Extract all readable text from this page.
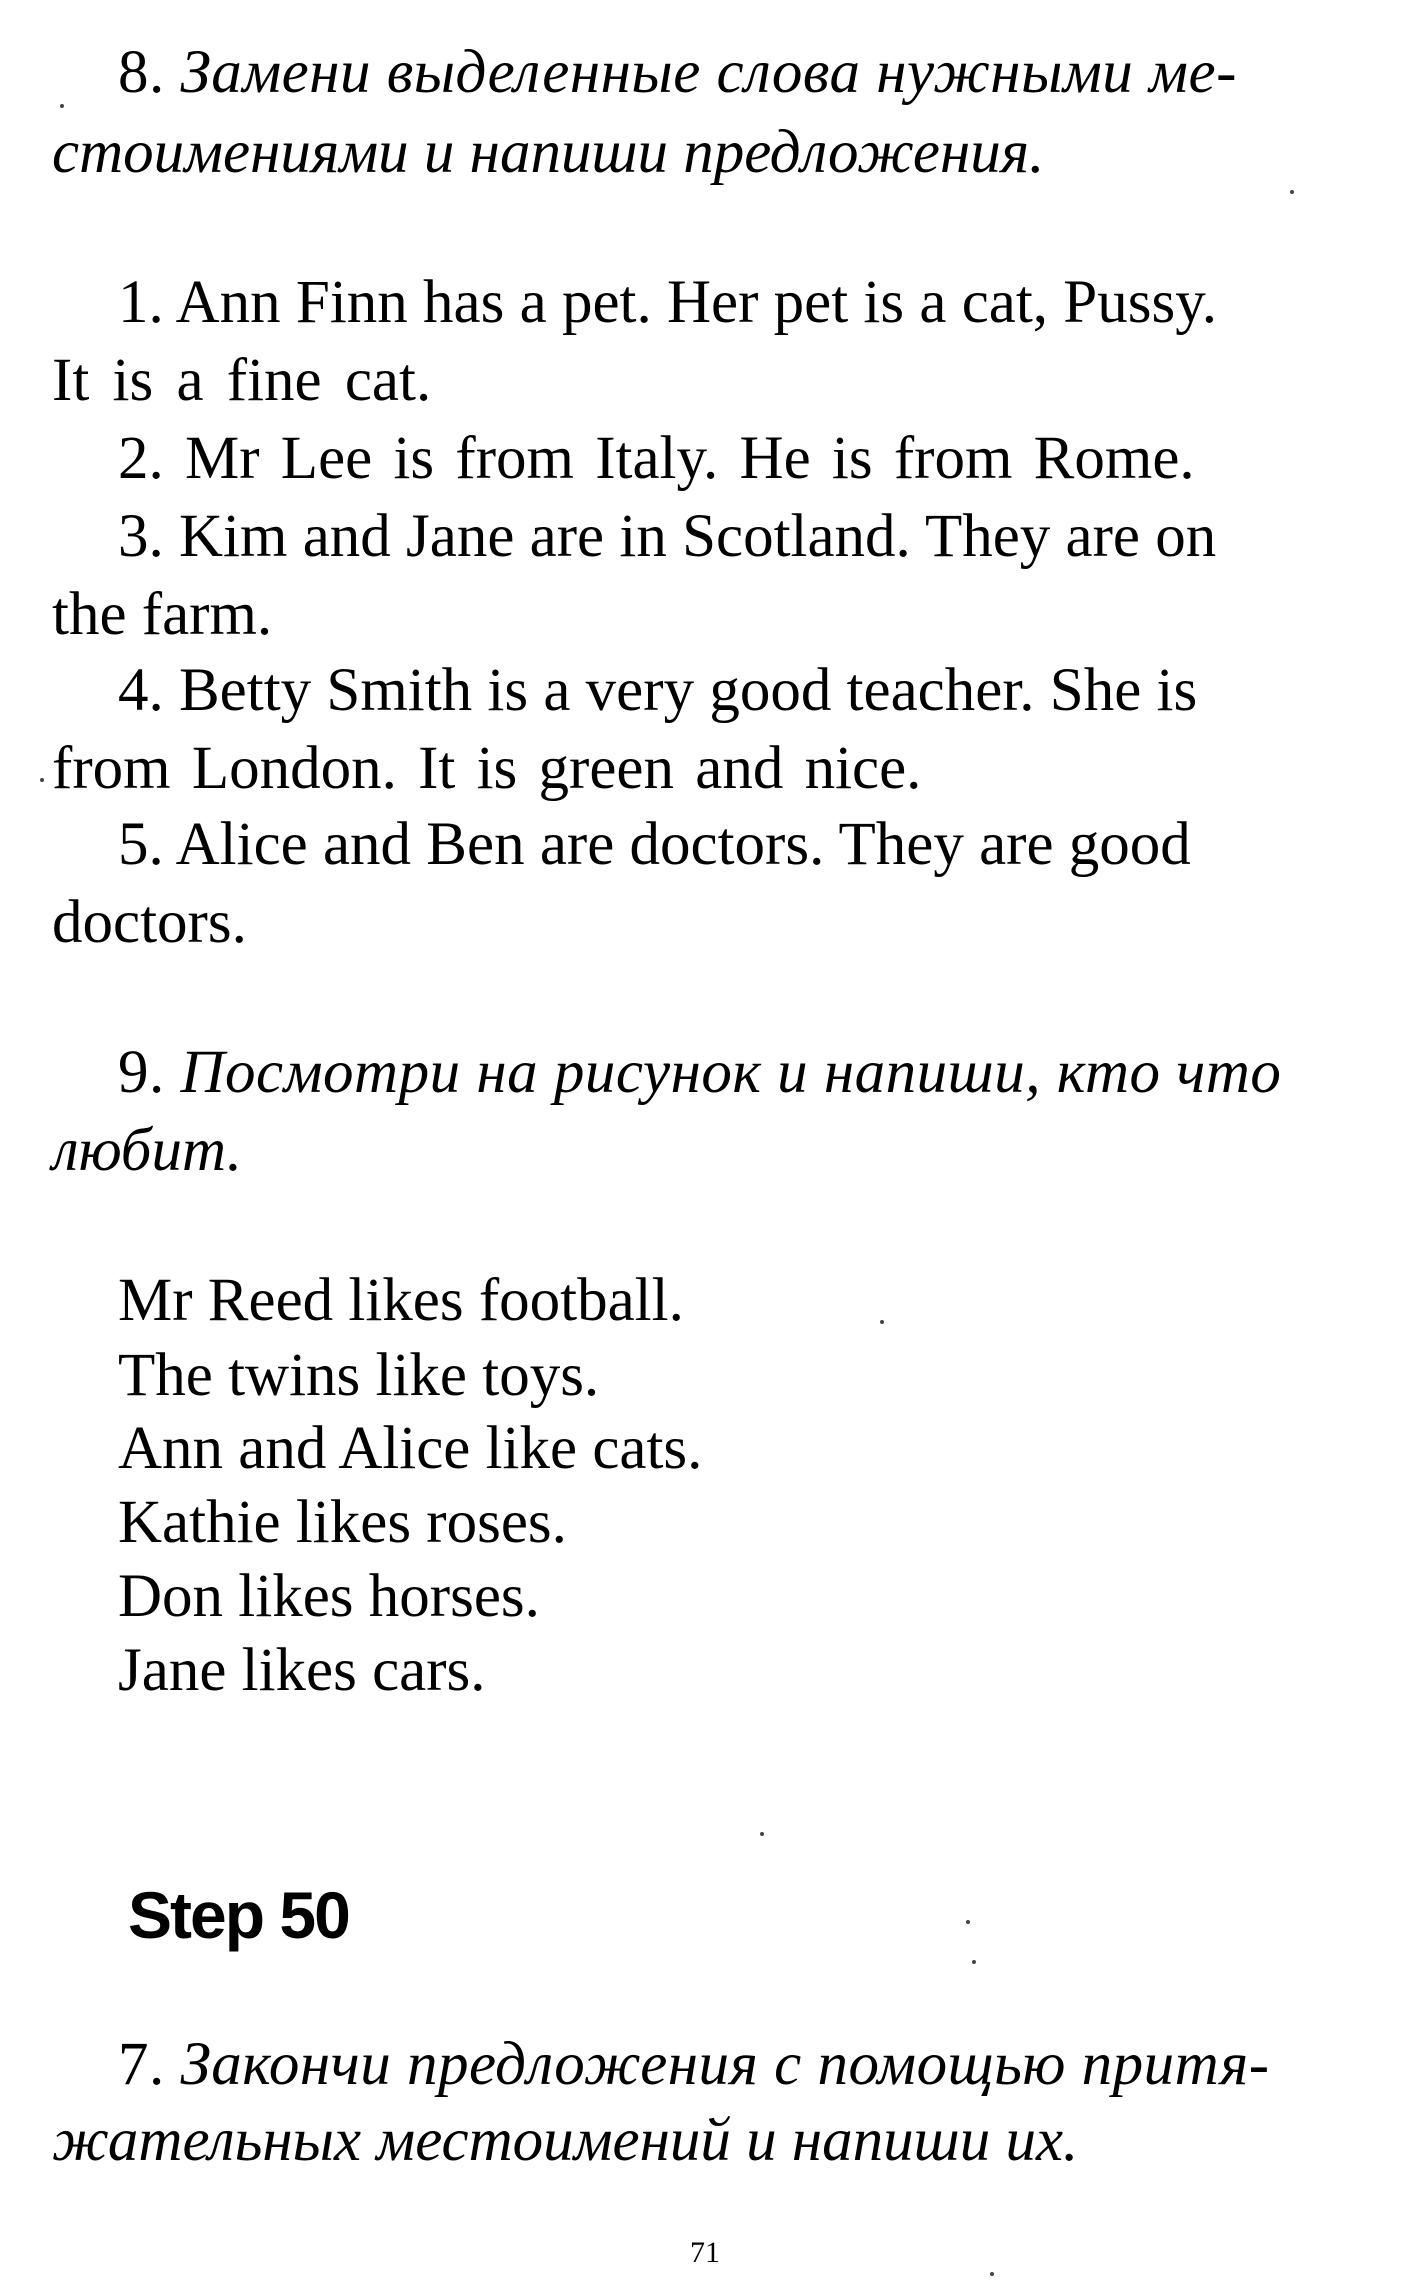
8. Замени выделенные слова нужными ме-
стоимениями и напиши предложения.
1. Ann Finn has a pet. Her pet is a cat, Pussy.
It is a fine cat.
2. Mr Lee is from Italy. He is from Rome.
3. Kim and Jane are in Scotland. They are on
the farm.
4. Betty Smith is a very good teacher. She is
from London. It is green and nice.
5. Alice and Ben are doctors. They are good
doctors.
9. Посмотри на рисунок и напиши, кто что
любит.
Mr Reed likes football.
The twins like toys.
Ann and Alice like cats.
Kathie likes roses.
Don likes horses.
Jane likes cars.
Step 50
7. Закончи предложения с помощью притя-
жательных местоимений и напиши их.
71
